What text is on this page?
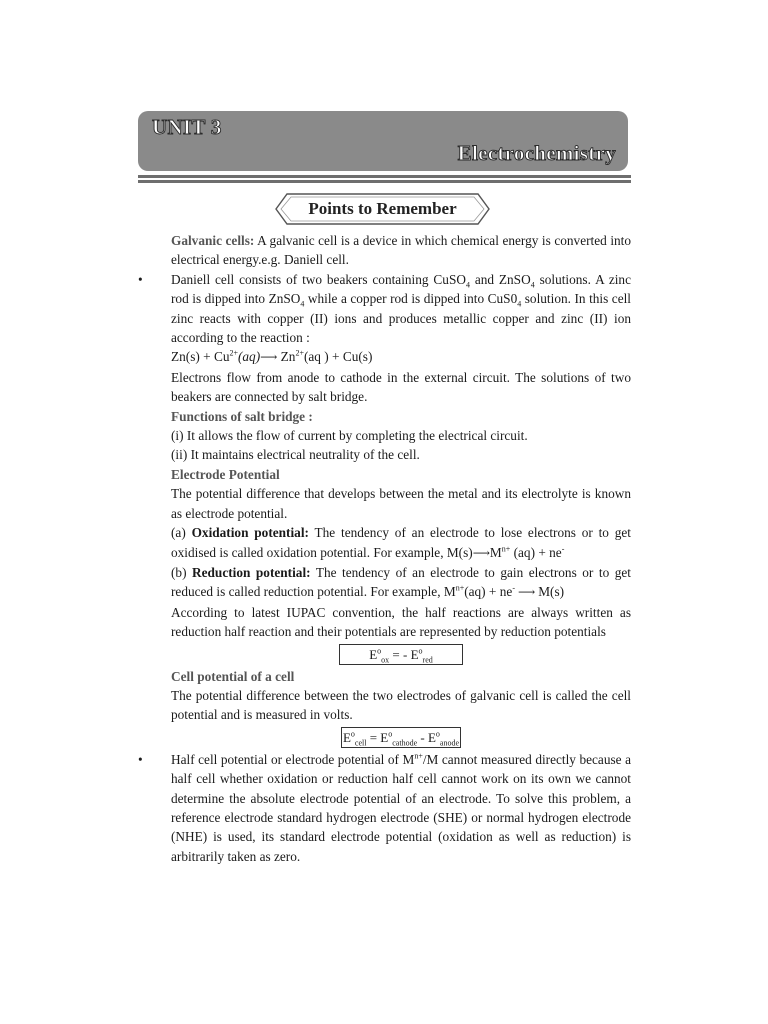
UNIT 3
Electrochemistry
Points to Remember

Galvanic cells: A galvanic cell is a device in which chemical energy is converted into electrical energy.e.g. Daniell cell.

• Daniell cell consists of two beakers containing CuSO$_4$ and ZnSO$_4$ solutions. A zinc rod is dipped into ZnSO$_4$ while a copper rod is dipped into $CuS0_4$ solution. In this cell zinc reacts with copper (II) ions and produces metallic copper and zinc (II) ion according to the reaction :

$Zn(s) + Cu^{2+}(aq)⟶$ $Zn^{2+}(aq$ ) + Cu(s)

Electrons flow from anode to cathode in the external circuit. The solutions of two beakers are connected by salt bridge.

Functions of salt bridge :

(i) It allows the flow of current by completing the electrical circuit.

(ii) It maintains electrical neutrality of the cell.

Electrode Potential

The potential difference that develops between the metal and its electrolyte is known as electrode potential.

(a) Oxidation potential: The tendency of an electrode to lose electrons or to get oxidised is called oxidation potential. For example, $M(s)⟶M^{n+}$ (aq) + ne-

(b) Reduction potential: The tendency of an electrode to gain electrons or to get reduced is called reduction potential. For example, $M^{n+}(aq) + ne^-$ ⟶ M(s)

According to latest IUPAC convention, the half reactions are always written as reduction half reaction and their potentials are represented by reduction potentials

$E^o_{ox}$ = - $E^o_{red}$

Cell potential of a cell

The potential difference between the two electrodes of galvanic cell is called the cell potential and is measured in volts.

$E^o_{cell} = E^o_{cathode} - E^o_{anode}$

• Half cell potential or electrode potential of $M^{n+}/M$ cannot measured directly because a half cell whether oxidation or reduction half cell cannot work on its own we cannot determine the absolute electrode potential of an electrode. To solve this problem, a reference electrode standard hydrogen electrode (SHE) or normal hydrogen electrode (NHE) is used, its standard electrode potential (oxidation as well as reduction) is arbitrarily taken as zero.
